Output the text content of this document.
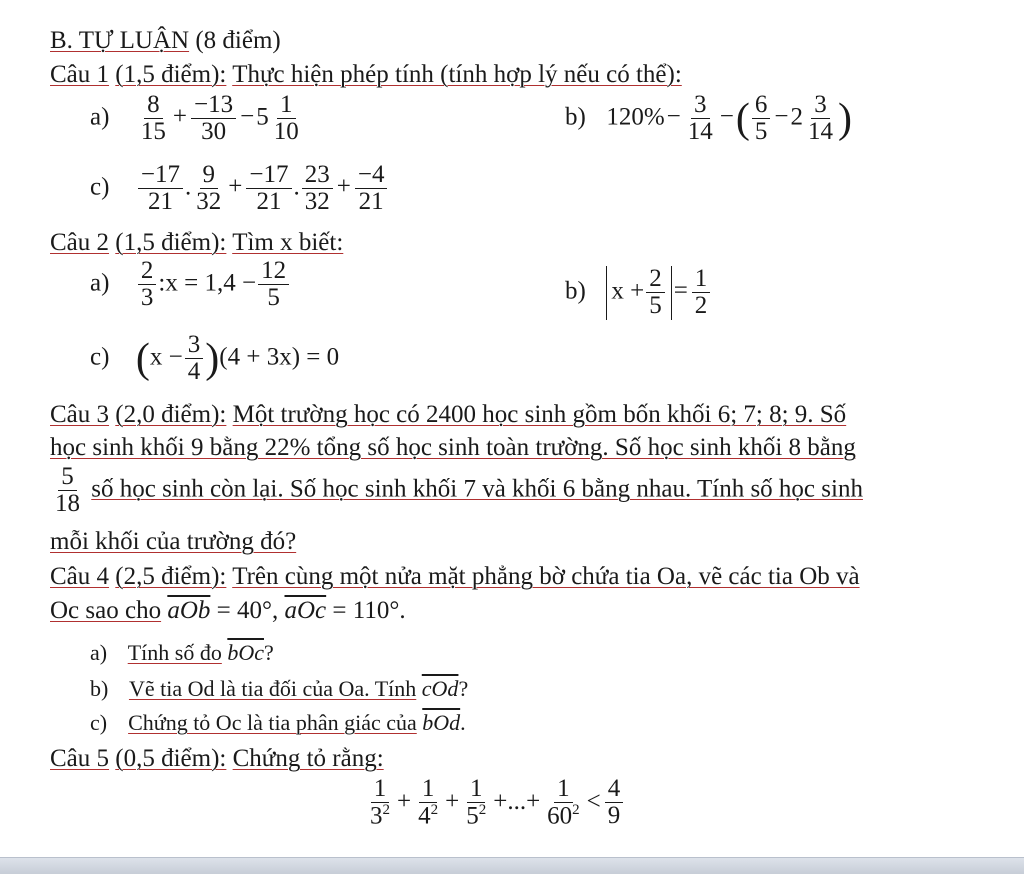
B. TỰ LUẬN (8 điểm)
Câu 1 (1,5 điểm): Thực hiện phép tính (tính hợp lý nếu có thể):
$a) \frac{8}{15} + \frac{-13}{30} -5 \frac{1}{10}$	b) $120\%- \frac{3}{14}$ −( $\frac{6}{5} -2 \frac{3}{14}$ )
$c) \frac{-17}{21}$ . $\frac{9}{32} + \frac{-17}{21}$ . $\frac{23}{32} + \frac{-4}{21}$
Câu 2 (1,5 điểm): Tìm x biết:
$a) \frac{2}{3}$ :x = $1,4 - \frac{12}{5}$	b) $x + \frac{2}{5} = \frac{1}{2}$
c) $(x - \frac{3}{4} )(4 + 3x) = 0$
Câu 3 (2,0 điểm): Một trường học có 2400 học sinh gồm bốn khối 6; 7; 8; 9. Số
học sinh khối 9 bằng 22% tổng số học sinh toàn trường. Số học sinh khối 8 bằng
$\frac{5}{18}$ số học sinh còn lại. Số học sinh khối 7 và khối 6 bằng nhau. Tính số học sinh
mỗi khối của trường đó?
Câu 4 (2,5 điểm): Trên cùng một nửa mặt phẳng bờ chứa tia Oa, vẽ các tia Ob và
Oc sao cho $\overline{aOb} = 40^\circ$, $\overline{aOc} = 110^\circ$.
a) Tính số đo $\overline{bOc}$?
b) Vẽ tia Od là tia đối của Oa. Tính $\overline{cOd}$?
c) Chứng tỏ Oc là tia phân giác của $\overline{bOd}$.
Câu 5 (0,5 điểm): Chứng tỏ rằng:
$\frac{1}{3^2} + \frac{1}{4^2} + \frac{1}{5^2}$ +...+ $\frac{1}{60^2} < \frac{4}{9}$
